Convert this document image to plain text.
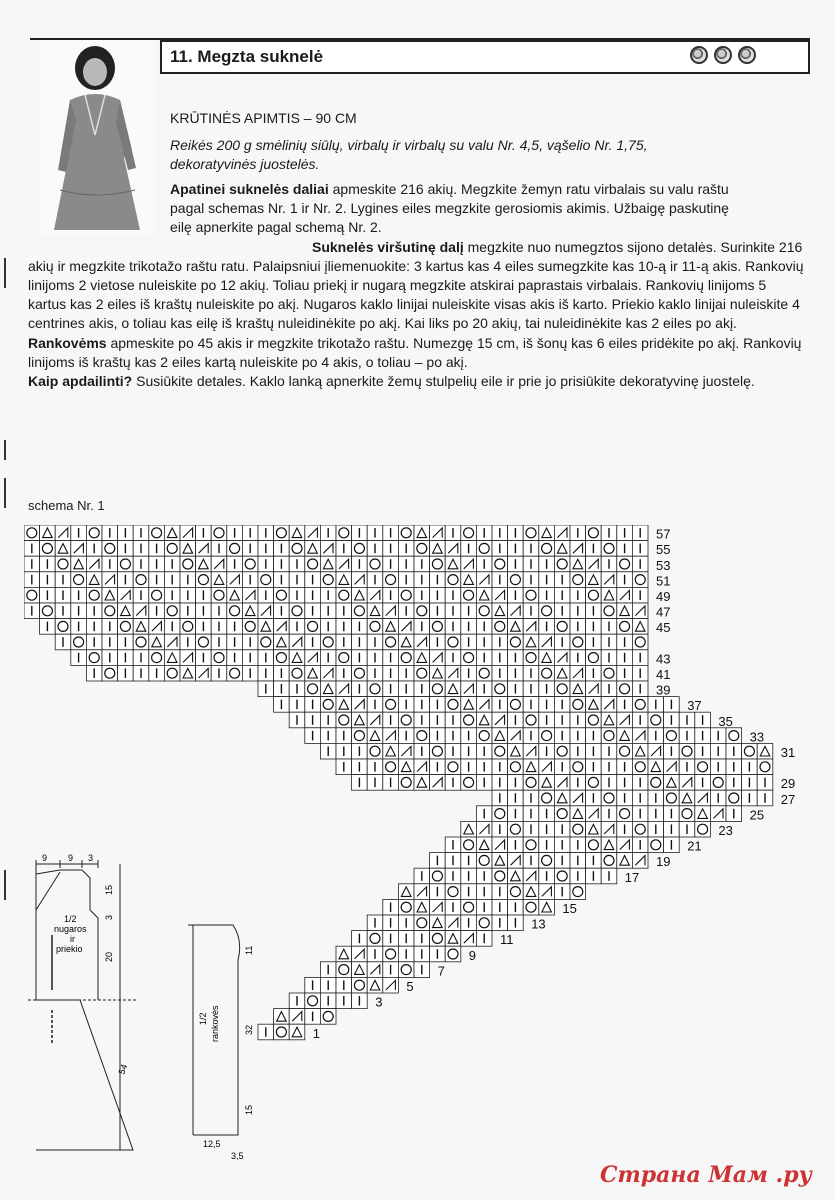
11. Megzta suknelė
KRŪTINĖS APIMTIS – 90 CM
Reikės 200 g smėlinių siūlų, virbalų ir virbalų su valu Nr. 4,5, vąšelio Nr. 1,75, dekoratyvinės juostelės.

Apatinei suknelės daliai apmeskite 216 akių. Megzkite žemyn ratu virbalais su valu raštu pagal schemas Nr. 1 ir Nr. 2. Lygines eiles megzkite gerosiomis akimis. Užbaigę paskutinę eilę apnerkite pagal schemą Nr. 2.

Suknelės viršutinę dalį megzkite nuo numegztos sijono detalės. Surinkite 216 akių ir megzkite trikotažo raštu ratu. Palaipsniui įliemenuokite: 3 kartus kas 4 eiles sumegzkite kas 10-ą ir 11-ą akis. Rankovių linijoms 2 vietose nuleiskite po 12 akių. Toliau priekį ir nugarą megzkite atskirai paprastais virbalais. Rankovių linijoms 5 kartus kas 2 eiles iš kraštų nuleiskite po akį. Nugaros kaklo linijai nuleiskite visas akis iš karto. Priekio kaklo linijai nuleiskite 4 centrines akis, o toliau kas eilę iš kraštų nuleidinėkite po akį. Kai liks po 20 akių, tai nuleidinėkite kas 2 eiles po akį.

Rankovėms apmeskite po 45 akis ir megzkite trikotažo raštu. Numezgę 15 cm, iš šonų kas 6 eiles pridėkite po akį. Rankovių linijoms iš kraštų kas 2 eiles kartą nuleiskite po 4 akis, o toliau – po akį.

Kaip apdailinti? Susiūkite detales. Kaklo lanką apnerkite žemų stulpelių eile ir prie jo prisiūkite dekoratyvinę juostelę.

schema Nr. 1
57
55
53
51
49
47
45
43
41
39
37
35
33
31
29
27
25
23
21
19
17
15
13
11
9
7
5
3
1
9 9 3
15
3
20
54
1/2
nugaros
ir
priekio
1/2 rankovės
11
32
15
12,5
3,5
Страна Мам .ру
